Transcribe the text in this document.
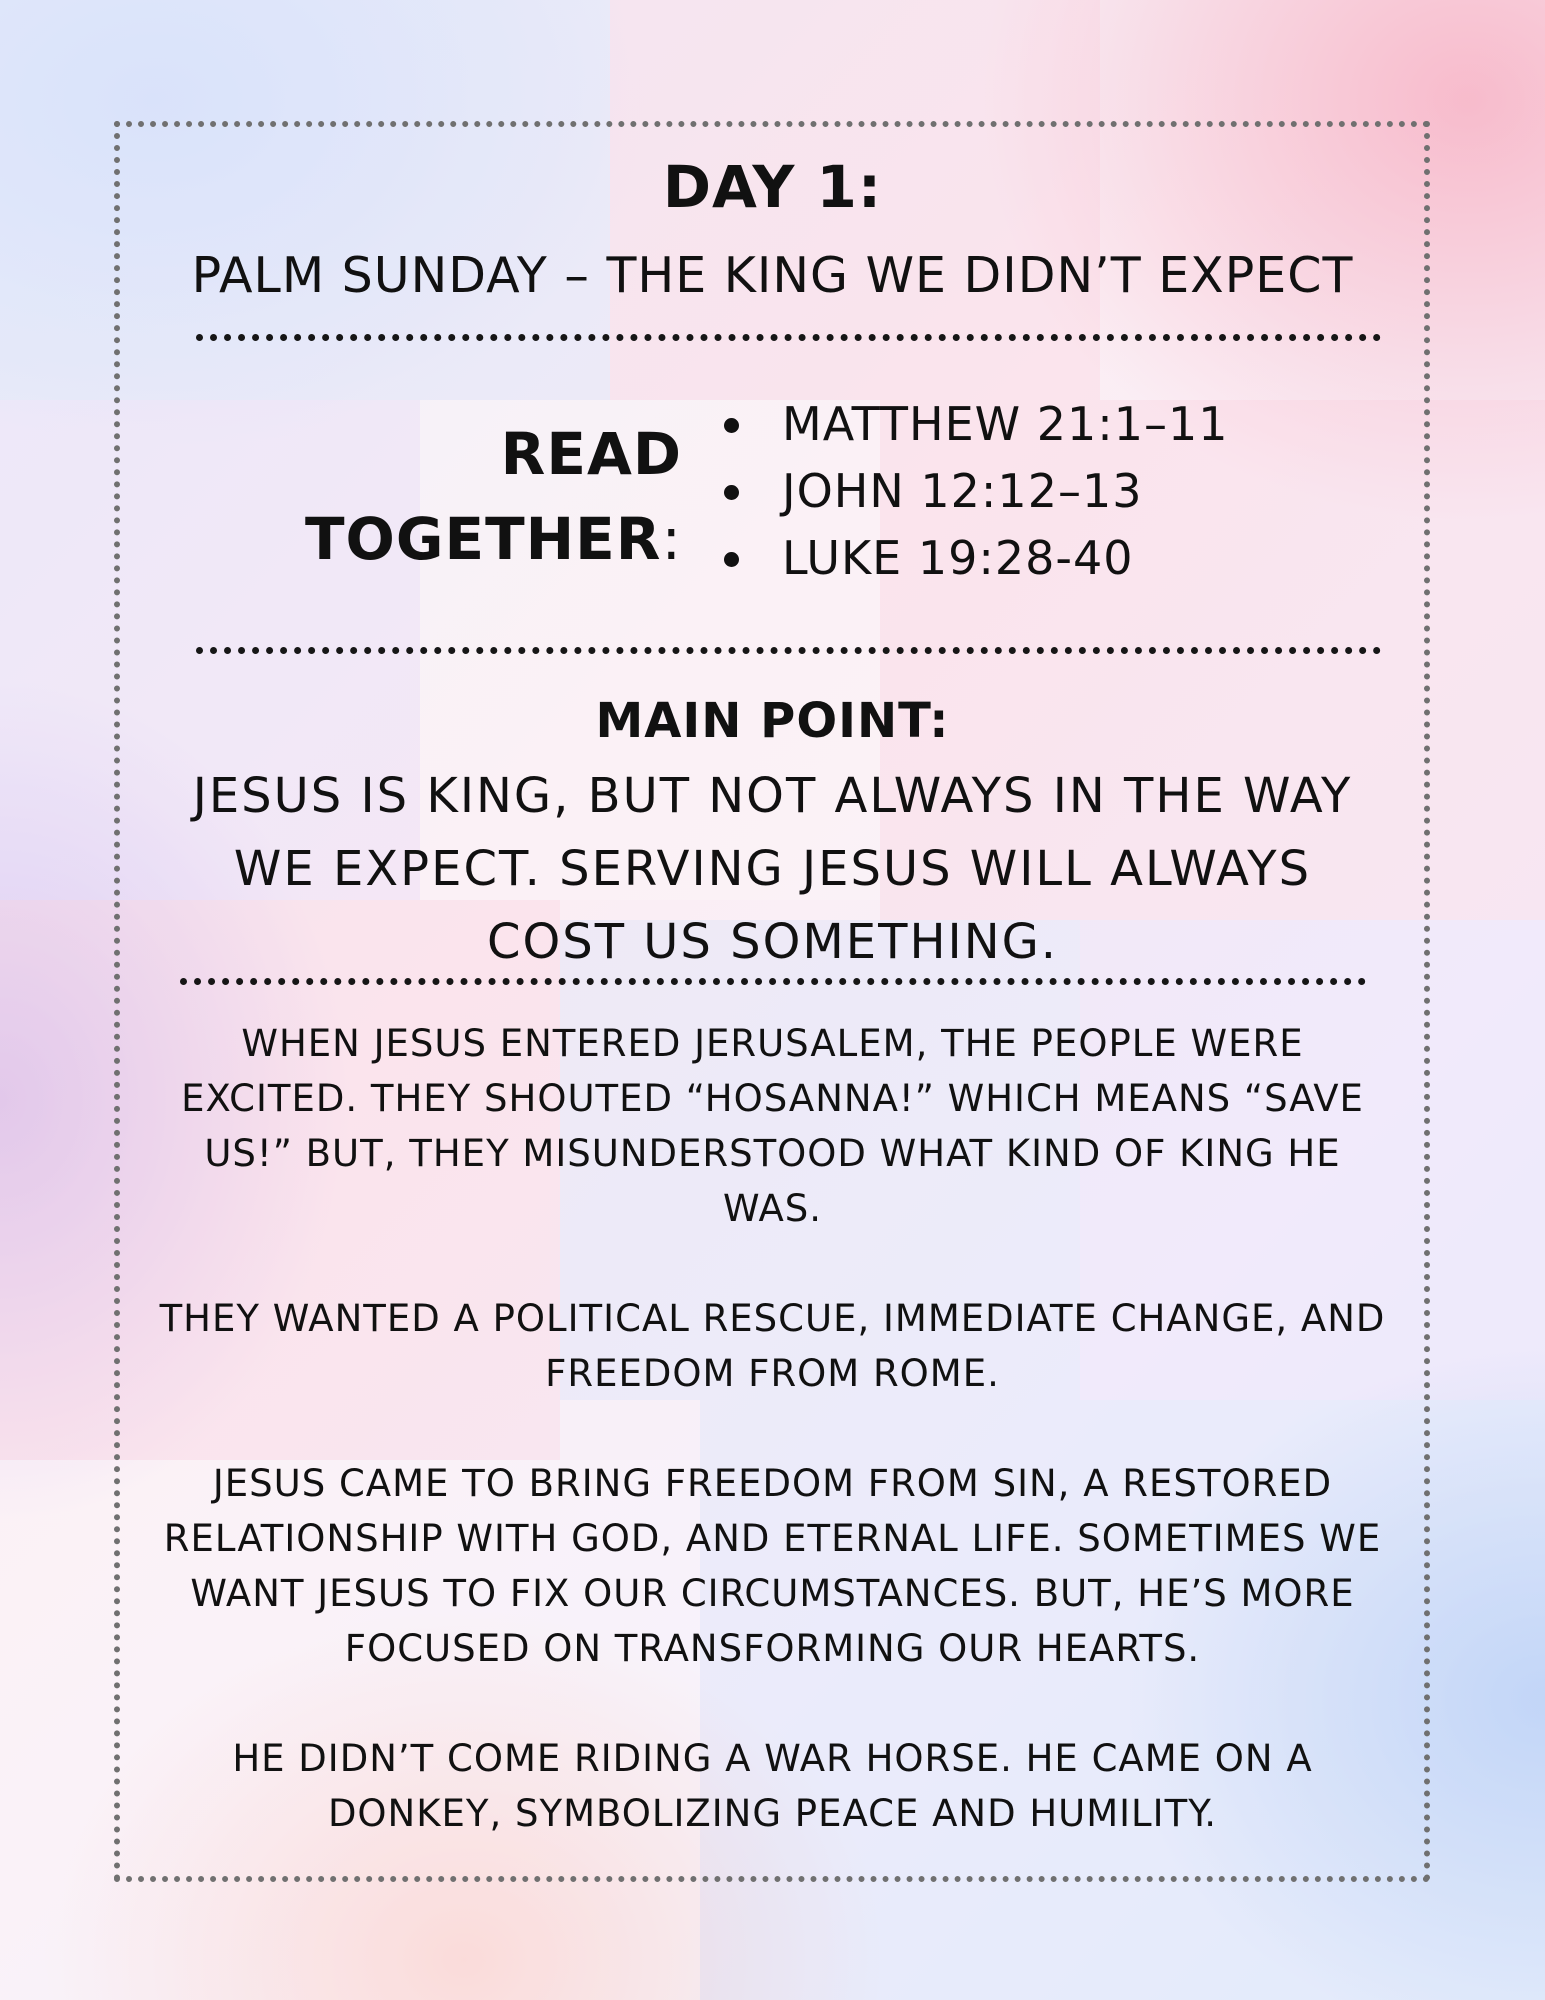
DAY 1:
PALM SUNDAY – THE KING WE DIDN’T EXPECT
READ
TOGETHER:
MATTHEW 21:1–11
JOHN 12:12–13
LUKE 19:28-40
MAIN POINT:
JESUS IS KING, BUT NOT ALWAYS IN THE WAY WE EXPECT. SERVING JESUS WILL ALWAYS COST US SOMETHING.

WHEN JESUS ENTERED JERUSALEM, THE PEOPLE WERE EXCITED. THEY SHOUTED “HOSANNA!” WHICH MEANS “SAVE US!” BUT, THEY MISUNDERSTOOD WHAT KIND OF KING HE WAS.

THEY WANTED A POLITICAL RESCUE, IMMEDIATE CHANGE, AND FREEDOM FROM ROME.

JESUS CAME TO BRING FREEDOM FROM SIN, A RESTORED RELATIONSHIP WITH GOD, AND ETERNAL LIFE. SOMETIMES WE WANT JESUS TO FIX OUR CIRCUMSTANCES. BUT, HE’S MORE FOCUSED ON TRANSFORMING OUR HEARTS.

HE DIDN’T COME RIDING A WAR HORSE. HE CAME ON A DONKEY, SYMBOLIZING PEACE AND HUMILITY.
